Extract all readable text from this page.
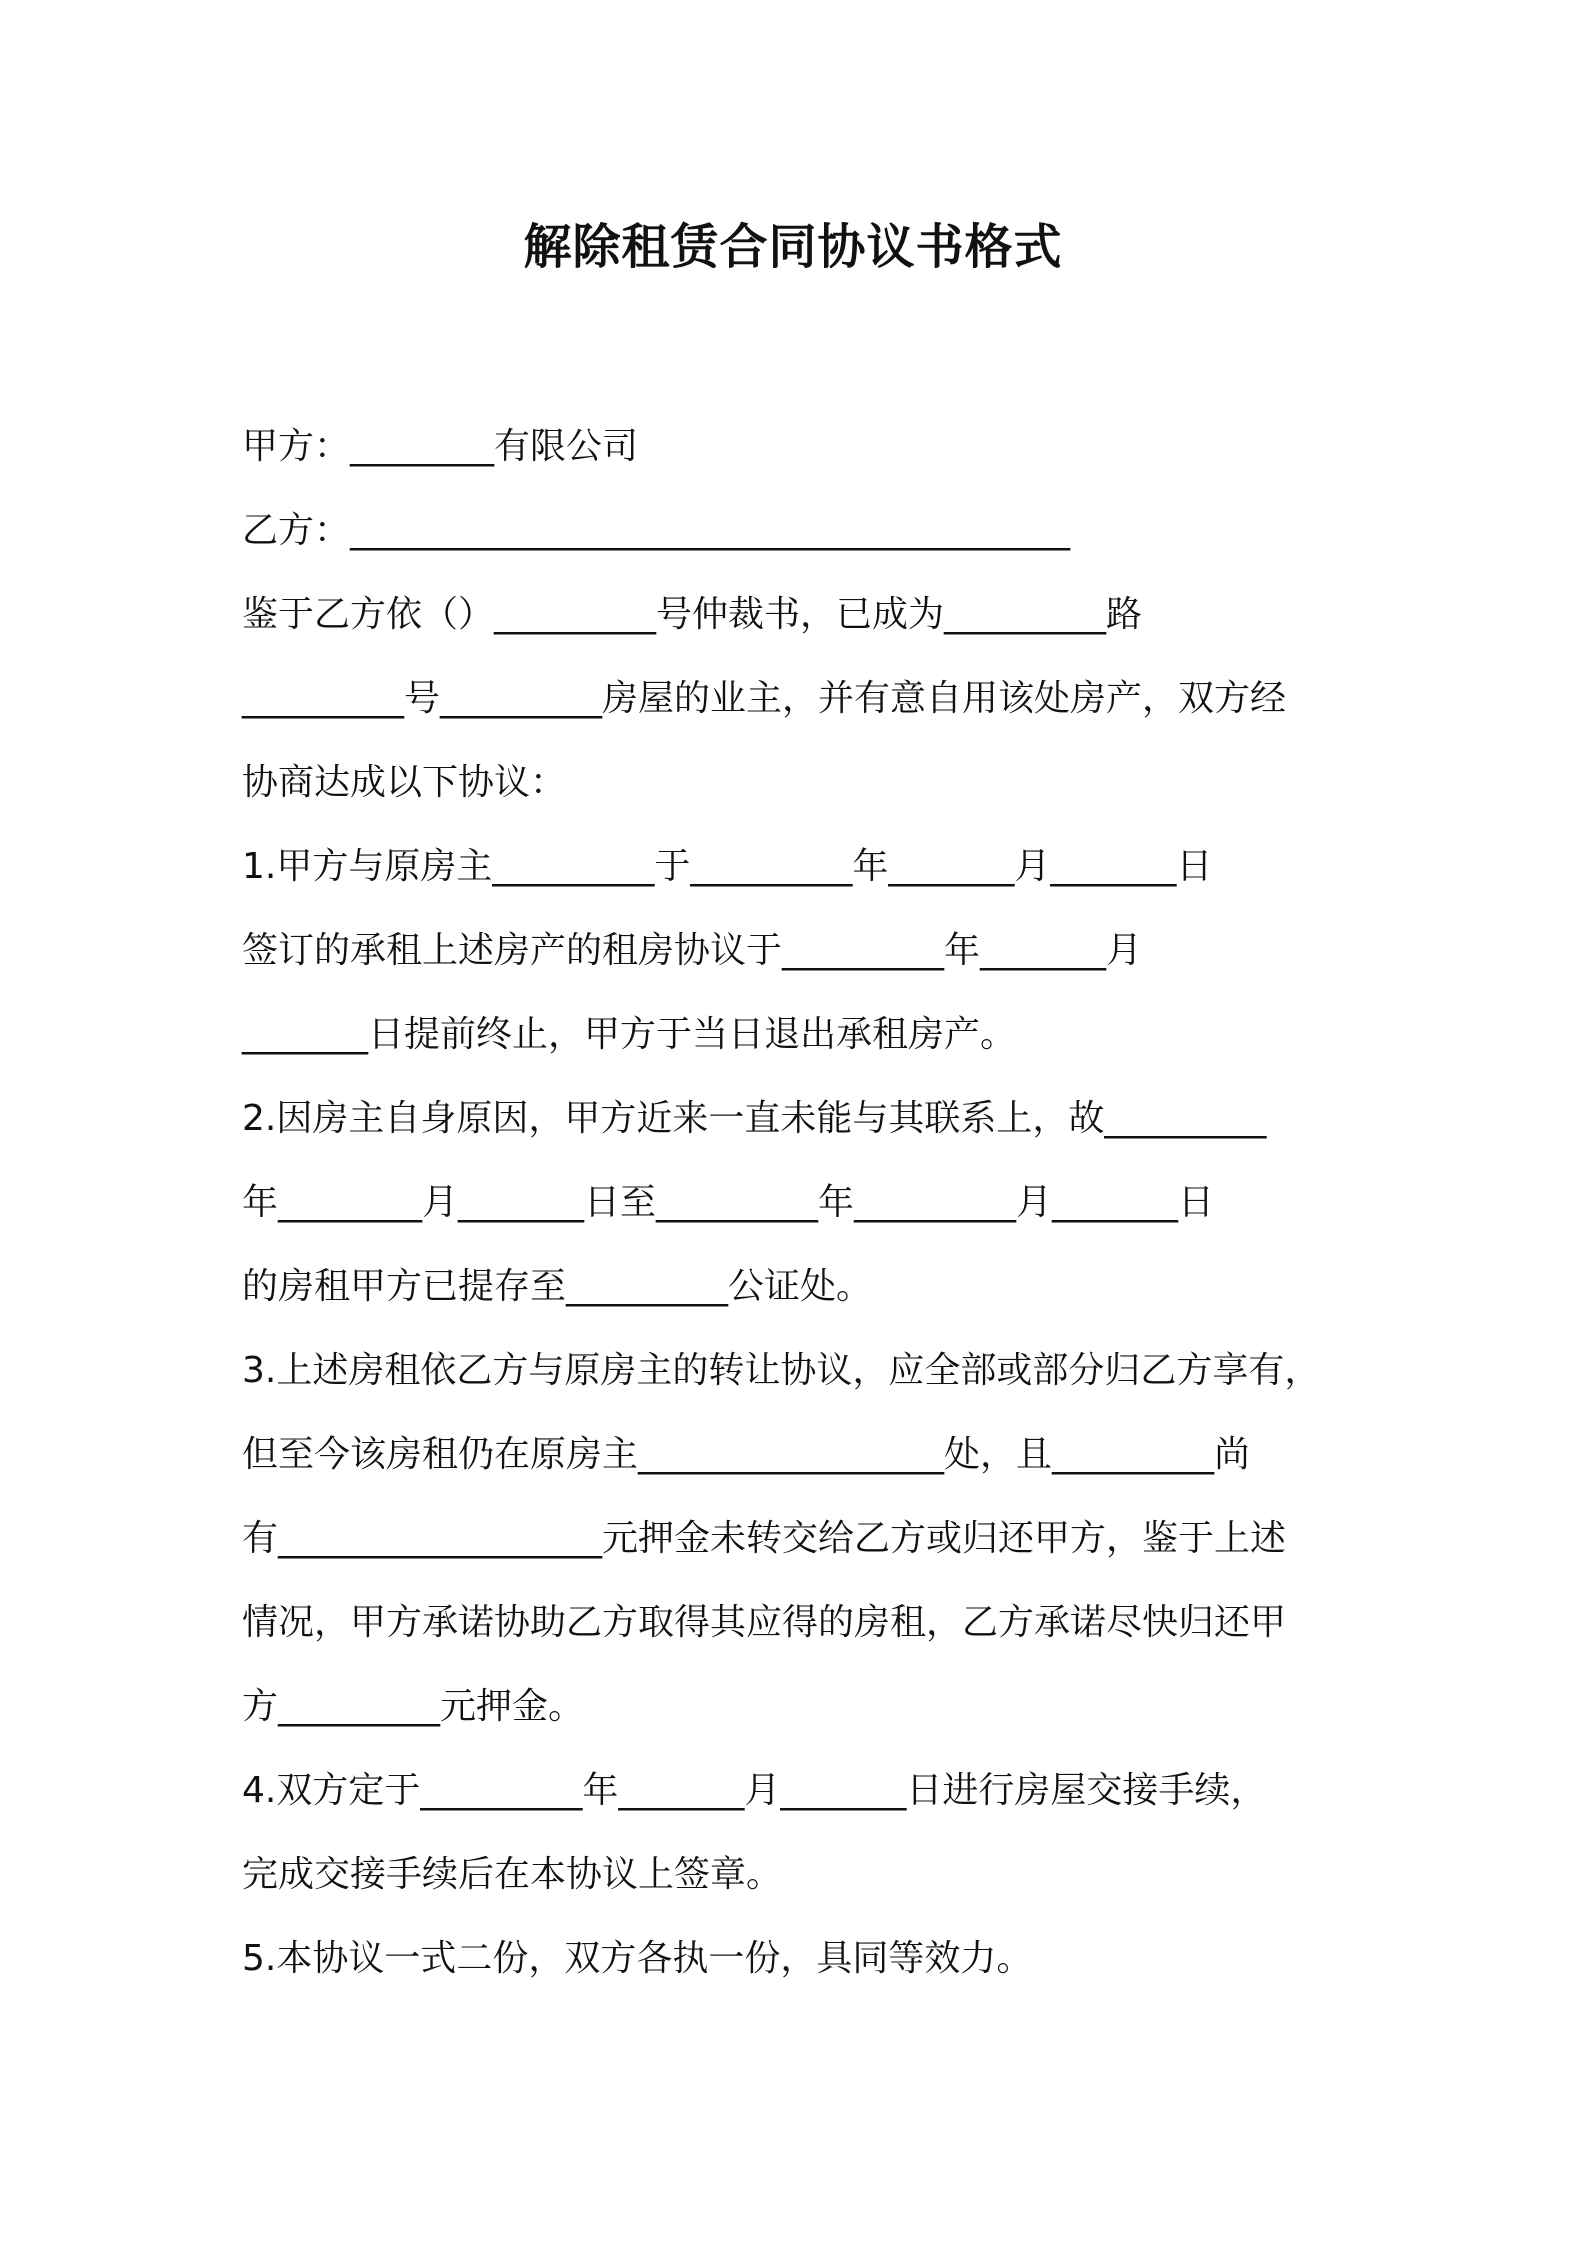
解除租赁合同协议书格式

甲方：________有限公司

乙方：________________________________________

鉴于乙方依（）_________号仲裁书，已成为_________路

_________号_________房屋的业主，并有意自用该处房产，双方经

协商达成以下协议：

1.甲方与原房主_________于_________年_______月_______日

签订的承租上述房产的租房协议于_________年_______月

_______日提前终止，甲方于当日退出承租房产。

2.因房主自身原因，甲方近来一直未能与其联系上，故_________

年________月_______日至_________年_________月_______日

的房租甲方已提存至_________公证处。

3.上述房租依乙方与原房主的转让协议，应全部或部分归乙方享有，

但至今该房租仍在原房主_________________处，且_________尚

有__________________元押金未转交给乙方或归还甲方，鉴于上述

情况，甲方承诺协助乙方取得其应得的房租，乙方承诺尽快归还甲

方_________元押金。

4.双方定于_________年_______月_______日进行房屋交接手续，

完成交接手续后在本协议上签章。

5.本协议一式二份，双方各执一份，具同等效力。
